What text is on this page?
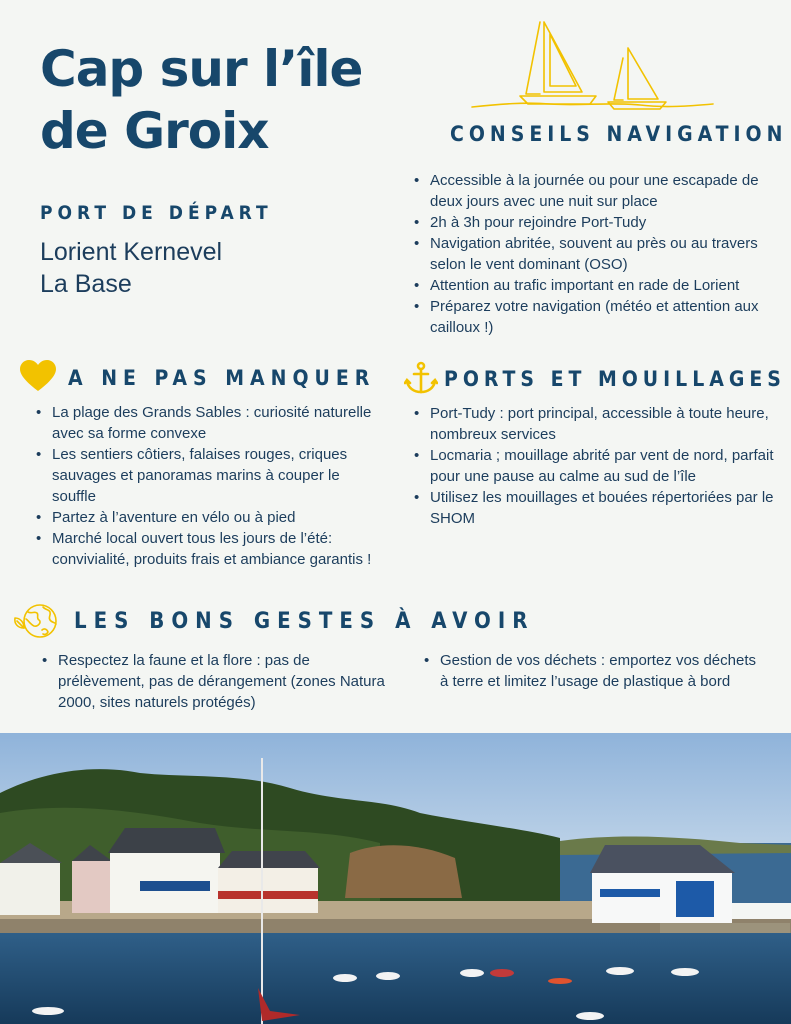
Cap sur l’île
de Groix
PORT DE DÉPART
Lorient Kernevel
La Base
CONSEILS NAVIGATION
• Accessible à la journée ou pour une escapade de deux jours avec une nuit sur place
• 2h à 3h pour rejoindre Port-Tudy
• Navigation abritée, souvent au près ou au travers selon le vent dominant (OSO)
• Attention au trafic important en rade de Lorient
• Préparez votre navigation (météo et attention aux cailloux !)
A NE PAS MANQUER
• La plage des Grands Sables : curiosité naturelle avec sa forme convexe
• Les sentiers côtiers, falaises rouges, criques sauvages et panoramas marins à couper le souffle
• Partez à l’aventure en vélo ou à pied
• Marché local ouvert tous les jours de l’été: convivialité, produits frais et ambiance garantis !
PORTS ET MOUILLAGES
• Port-Tudy : port principal, accessible à toute heure, nombreux services
• Locmaria ; mouillage abrité par vent de nord, parfait pour une pause au calme au sud de l’île
• Utilisez les mouillages et bouées répertoriées par le SHOM
LES BONS GESTES À AVOIR
• Respectez la faune et la flore : pas de prélèvement, pas de dérangement (zones Natura 2000, sites naturels protégés)
• Gestion de vos déchets : emportez vos déchets à terre et limitez l’usage de plastique à bord
